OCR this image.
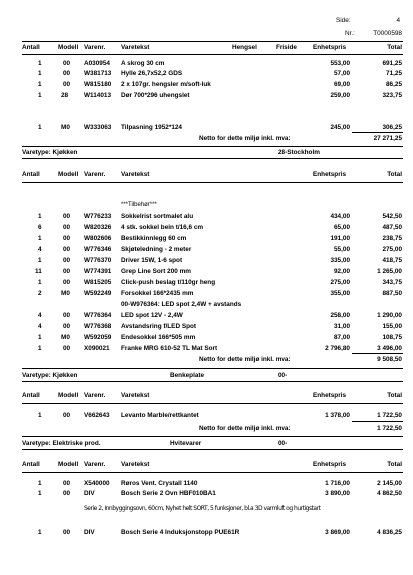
Side:	4
Nr.:	T0000598
Antall	Modell Varenr. Varetekst	Hengsel	Friside	Enhetspris	Total
1	00 A030954 A skrog 30 cm	553,00	691,25
1	00 W381713 Hylle 26,7x52,2 GDS	57,00	71,25
1	00 W815180 2 x 107gr. hengsler m/soft-luk	69,00	86,25
1	28 W114013 Dør 700*296 uhengslet	259,00	323,75
1	M0 W333063 Tilpasning 1952*124	245,00	306,25
Netto for dette miljø inkl. mva:	27 271,25
Varetype: Kjøkken	28-Stockholm
Antall	Modell Varenr. Varetekst	Enhetspris	Total
***Tilbehør***
1	00 W776233 Sokkelrist sortmalet alu	434,00	542,50
6	00 W820326 4 stk. sokkel bein t/16,6 cm	65,00	487,50
1	00 W802606 Bestikkinnlegg 60 cm	191,00	238,75
4	00 W776346 Skjøteledning - 2 meter	55,00	275,00
1	00 W776370 Driver 15W, 1-6 spot	335,00	418,75
11	00 W774391 Grep Line Sort 200 mm	92,00	1 265,00
1	00 W815205 Click-push beslag t/110gr heng	275,00	343,75
2	M0 W592249 Forsokkel 166*2435 mm	355,00	887,50
00-W976364: LED spot 2,4W + avstands
4	00 W776364 LED spot 12V - 2,4W	258,00	1 290,00
4	00 W776368 Avstandsring f/LED Spot	31,00	155,00
1	M0 W592059 Endesokkel 166*505 mm	87,00	108,75
1	00 X090021 Franke MRG 610-52 TL Mat Sort	2 796,80	3 496,00
Netto for dette miljø inkl. mva:	9 508,50
Varetype: Kjøkken	Benkeplate	00-
Antall	Modell Varenr. Varetekst	Enhetspris	Total
1	00 V662643 Levanto Marble/rettkantet	1 378,00	1 722,50
Netto for dette miljø inkl. mva:	1 722,50
Varetype: Elektriske prod.	Hvitevarer	00-
Antall	Modell Varenr. Varetekst	Enhetspris	Total
1	00 X540000 Røros Vent. Crystall 1140	1 716,00	2 145,00
1	00 DIV	Bosch Serie 2 Ovn HBF010BA1	3 890,00	4 862,50
Serie 2, Innbyggingsovn, 60cm, Nyhet helt SORT, 5 funksjoner, bl.a 3D varmluft og hurtigstart
1	00 DIV	Bosch Serie 4 Induksjonstopp PUE61R	3 869,00	4 836,25
